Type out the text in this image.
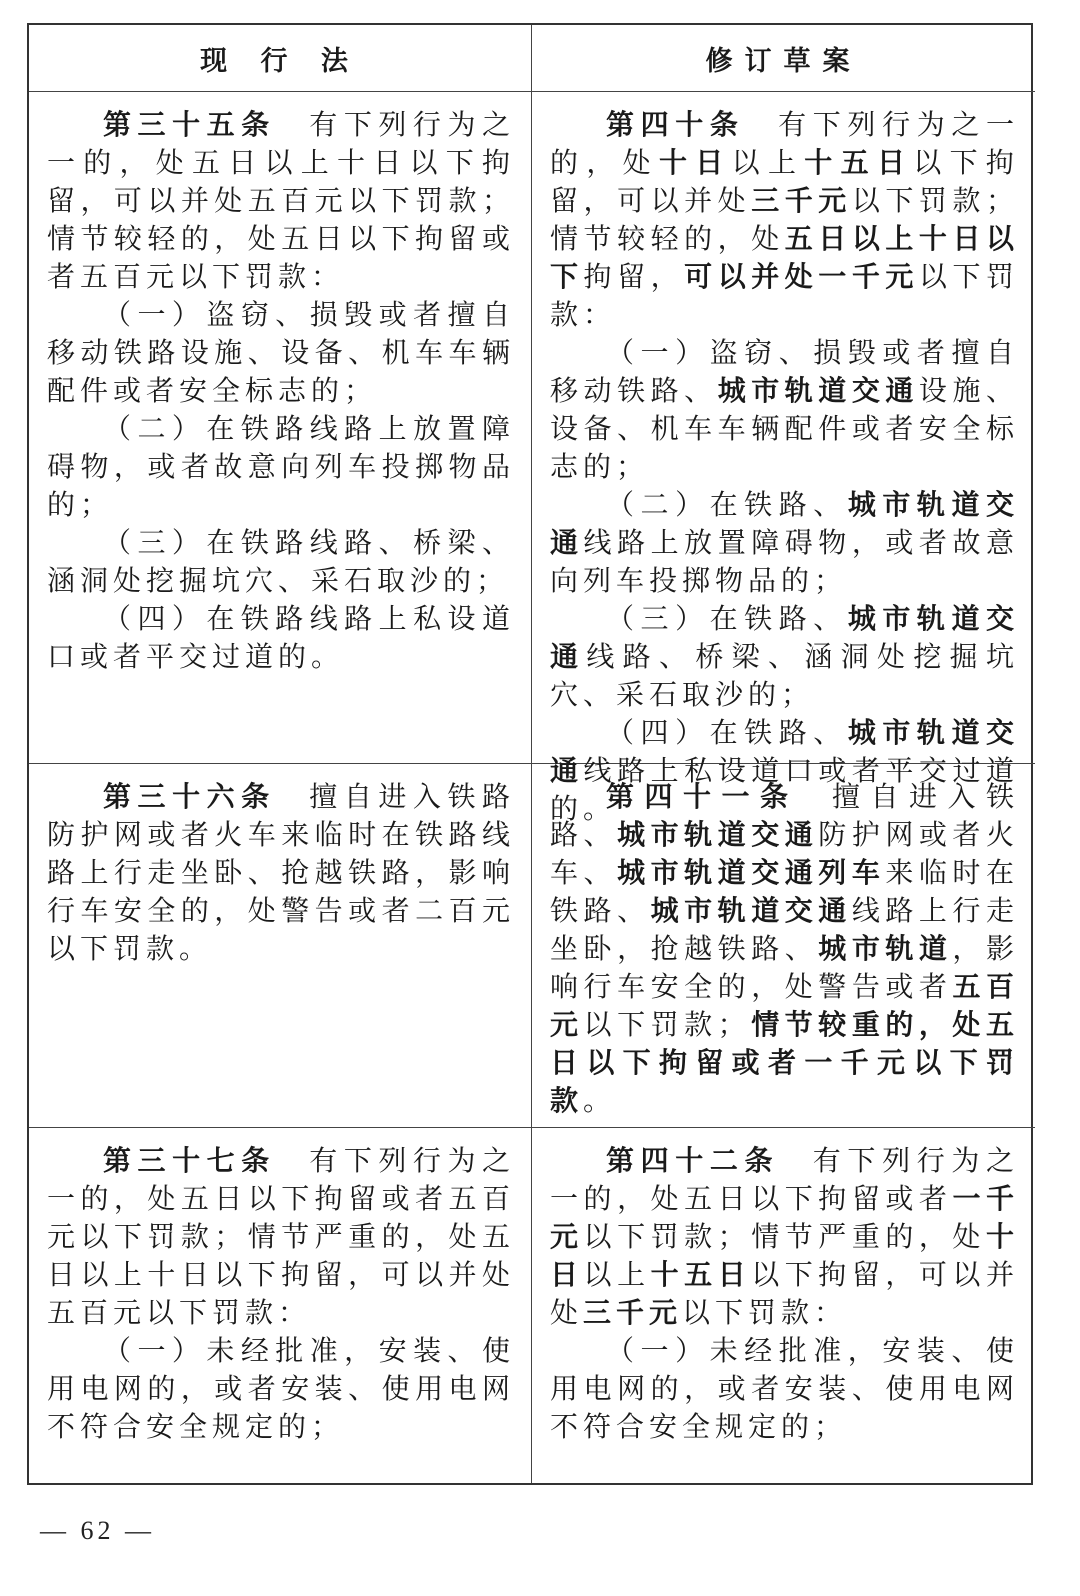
现 行 法	修订草案

第三十五条 有下列行为之一的，处五日以上十日以下拘留，可以并处五百元以下罚款；情节较轻的，处五日以下拘留或者五百元以下罚款：

（一）盗窃、损毁或者擅自移动铁路设施、设备、机车车辆配件或者安全标志的；

（二）在铁路线路上放置障碍物，或者故意向列车投掷物品的；

（三）在铁路线路、桥梁、涵洞处挖掘坑穴、采石取沙的；

（四）在铁路线路上私设道口或者平交过道的。

第四十条 有下列行为之一的，处十日以上十五日以下拘留，可以并处三千元以下罚款；情节较轻的，处五日以上十日以下拘留，可以并处一千元以下罚款：

（一）盗窃、损毁或者擅自移动铁路、城市轨道交通设施、设备、机车车辆配件或者安全标志的；

（二）在铁路、城市轨道交通线路上放置障碍物，或者故意向列车投掷物品的；

（三）在铁路、城市轨道交通线路、桥梁、涵洞处挖掘坑穴、采石取沙的；

（四）在铁路、城市轨道交通线路上私设道口或者平交过道的。

第三十六条 擅自进入铁路防护网或者火车来临时在铁路线路上行走坐卧、抢越铁路，影响行车安全的，处警告或者二百元以下罚款。

第四十一条 擅自进入铁路、城市轨道交通防护网或者火车、城市轨道交通列车来临时在铁路、城市轨道交通线路上行走坐卧，抢越铁路、城市轨道，影响行车安全的，处警告或者五百元以下罚款；情节较重的，处五日以下拘留或者一千元以下罚款。

第三十七条 有下列行为之一的，处五日以下拘留或者五百元以下罚款；情节严重的，处五日以上十日以下拘留，可以并处五百元以下罚款：

（一）未经批准，安装、使用电网的，或者安装、使用电网不符合安全规定的；

第四十二条 有下列行为之一的，处五日以下拘留或者一千元以下罚款；情节严重的，处十日以上十五日以下拘留，可以并处三千元以下罚款：

（一）未经批准，安装、使用电网的，或者安装、使用电网不符合安全规定的；

— 62 —
